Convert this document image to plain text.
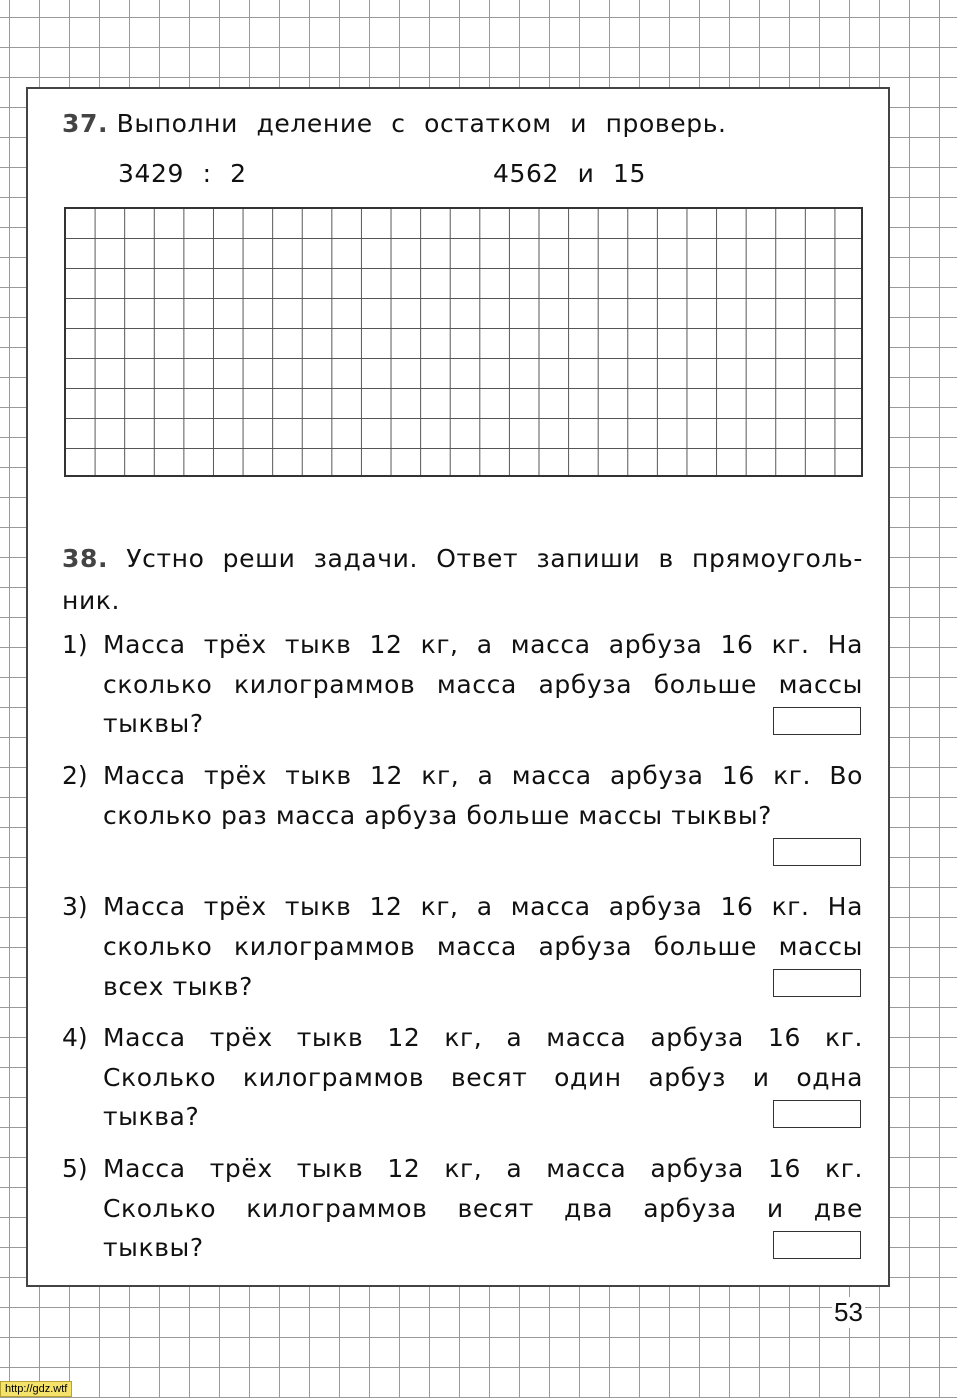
37. Выполни деление с остатком и проверь.
3429 : 2	4562 и 15
38. Устно реши задачи. Ответ запиши в прямоуголь-
ник.
1) Масса трёх тыкв 12 кг, а масса арбуза 16 кг. На
сколько килограммов масса арбуза больше массы
тыквы?
2) Масса трёх тыкв 12 кг, а масса арбуза 16 кг. Во
сколько раз масса арбуза больше массы тыквы?
3) Масса трёх тыкв 12 кг, а масса арбуза 16 кг. На
сколько килограммов масса арбуза больше массы
всех тыкв?
4) Масса трёх тыкв 12 кг, а масса арбуза 16 кг.
Сколько килограммов весят один арбуз и одна
тыква?
5) Масса трёх тыкв 12 кг, а масса арбуза 16 кг.
Сколько килограммов весят два арбуза и две
тыквы?
53
http://gdz.wtf
